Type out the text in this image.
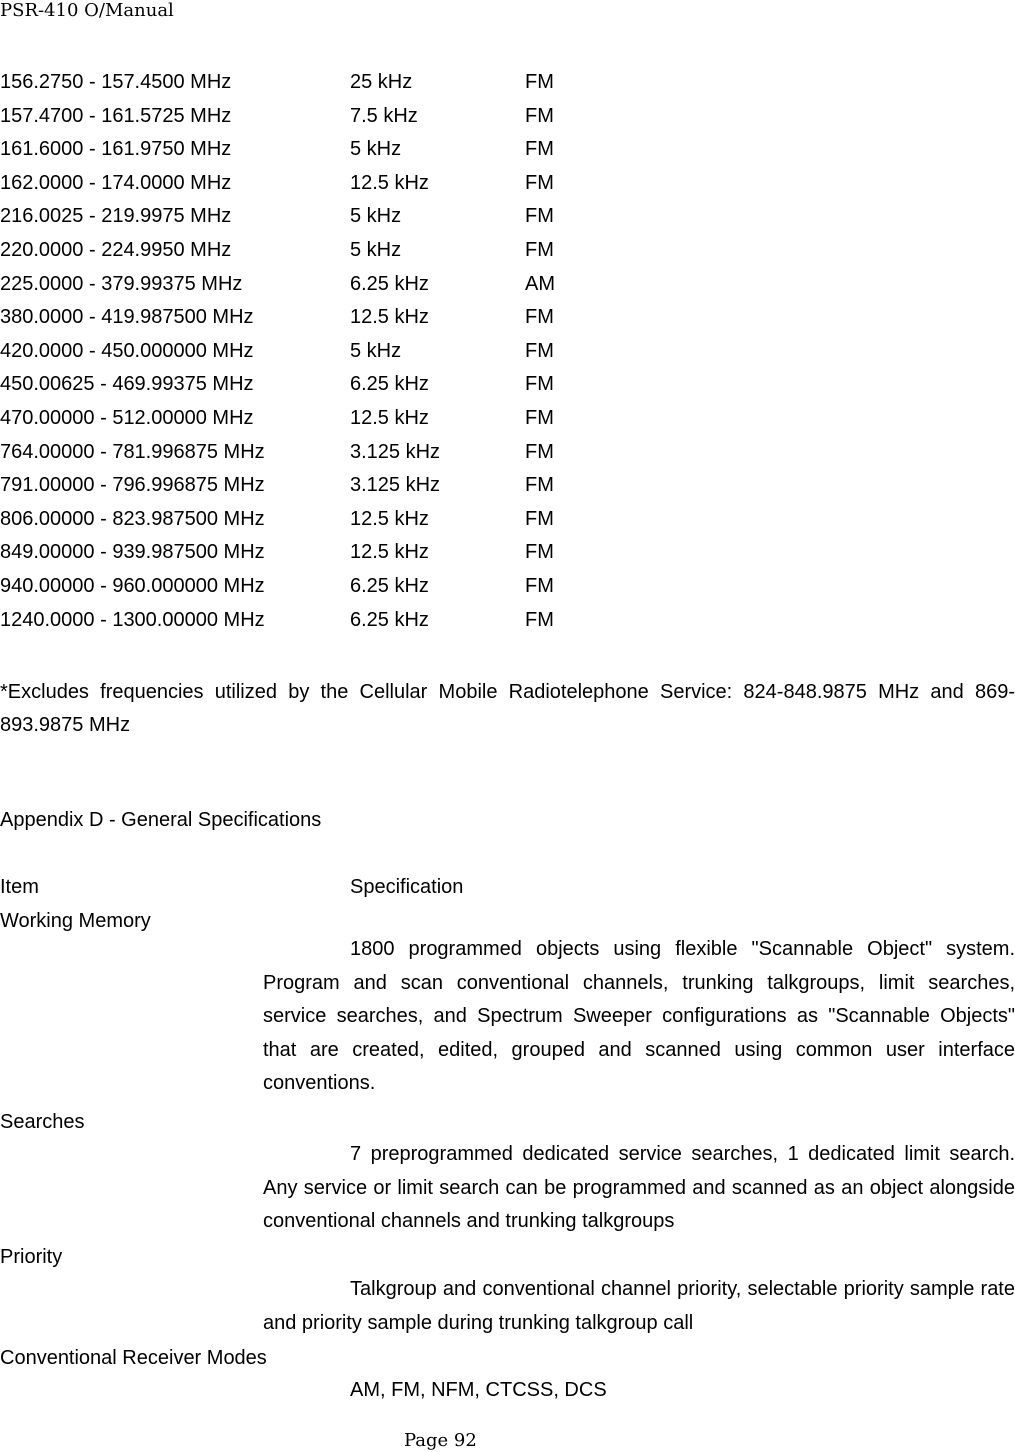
PSR-410 O/Manual
156.2750 - 157.4500 MHz	25 kHz	FM
157.4700 - 161.5725 MHz	7.5 kHz	FM
161.6000 - 161.9750 MHz	5 kHz	FM
162.0000 - 174.0000 MHz	12.5 kHz	FM
216.0025 - 219.9975 MHz	5 kHz	FM
220.0000 - 224.9950 MHz	5 kHz	FM
225.0000 - 379.99375 MHz	6.25 kHz	AM
380.0000 - 419.987500 MHz	12.5 kHz	FM
420.0000 - 450.000000 MHz	5 kHz	FM
450.00625 - 469.99375 MHz	6.25 kHz	FM
470.00000 - 512.00000 MHz	12.5 kHz	FM
764.00000 - 781.996875 MHz	3.125 kHz	FM
791.00000 - 796.996875 MHz	3.125 kHz	FM
806.00000 - 823.987500 MHz	12.5 kHz	FM
849.00000 - 939.987500 MHz	12.5 kHz	FM
940.00000 - 960.000000 MHz	6.25 kHz	FM
1240.0000 - 1300.00000 MHz	6.25 kHz	FM
*Excludes frequencies utilized by the Cellular Mobile Radiotelephone Service: 824-848.9875 MHz and 869-893.9875 MHz
Appendix D - General Specifications
Item	Specification
Working Memory
1800 programmed objects using flexible "Scannable Object" system. Program and scan conventional channels, trunking talkgroups, limit searches, service searches, and Spectrum Sweeper configurations as "Scannable Objects" that are created, edited, grouped and scanned using common user interface conventions.
Searches
7 preprogrammed dedicated service searches, 1 dedicated limit search. Any service or limit search can be programmed and scanned as an object alongside conventional channels and trunking talkgroups
Priority
Talkgroup and conventional channel priority, selectable priority sample rate and priority sample during trunking talkgroup call
Conventional Receiver Modes
AM, FM, NFM, CTCSS, DCS
Page 92
